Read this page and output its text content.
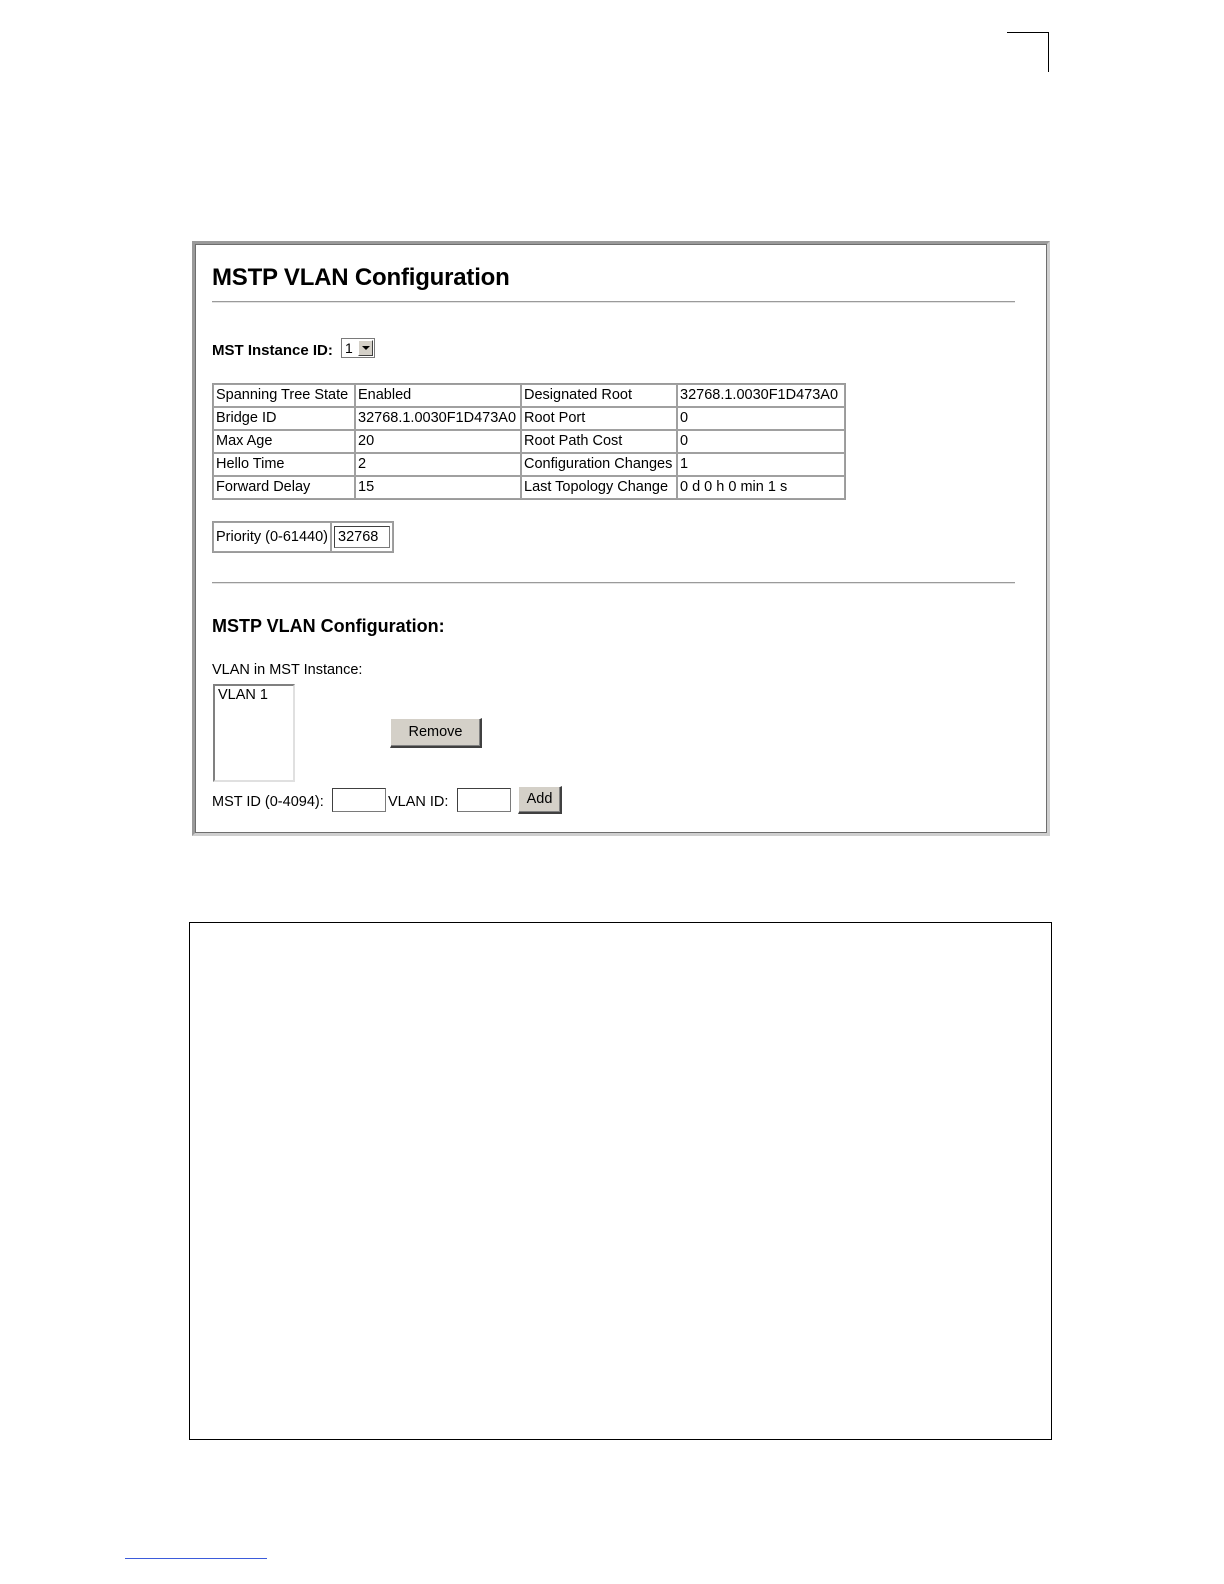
MSTP VLAN Configuration
MST Instance ID: 1
Spanning Tree State	Enabled	Designated Root	32768.1.0030F1D473A0
Bridge ID	32768.1.0030F1D473A0	Root Port	0
Max Age	20	Root Path Cost	0
Hello Time	2	Configuration Changes	1
Forward Delay	15	Last Topology Change	0 d 0 h 0 min 1 s
Priority (0-61440)	32768
MSTP VLAN Configuration:
VLAN in MST Instance:
VLAN 1
Remove
MST ID (0-4094):	VLAN ID:	Add
